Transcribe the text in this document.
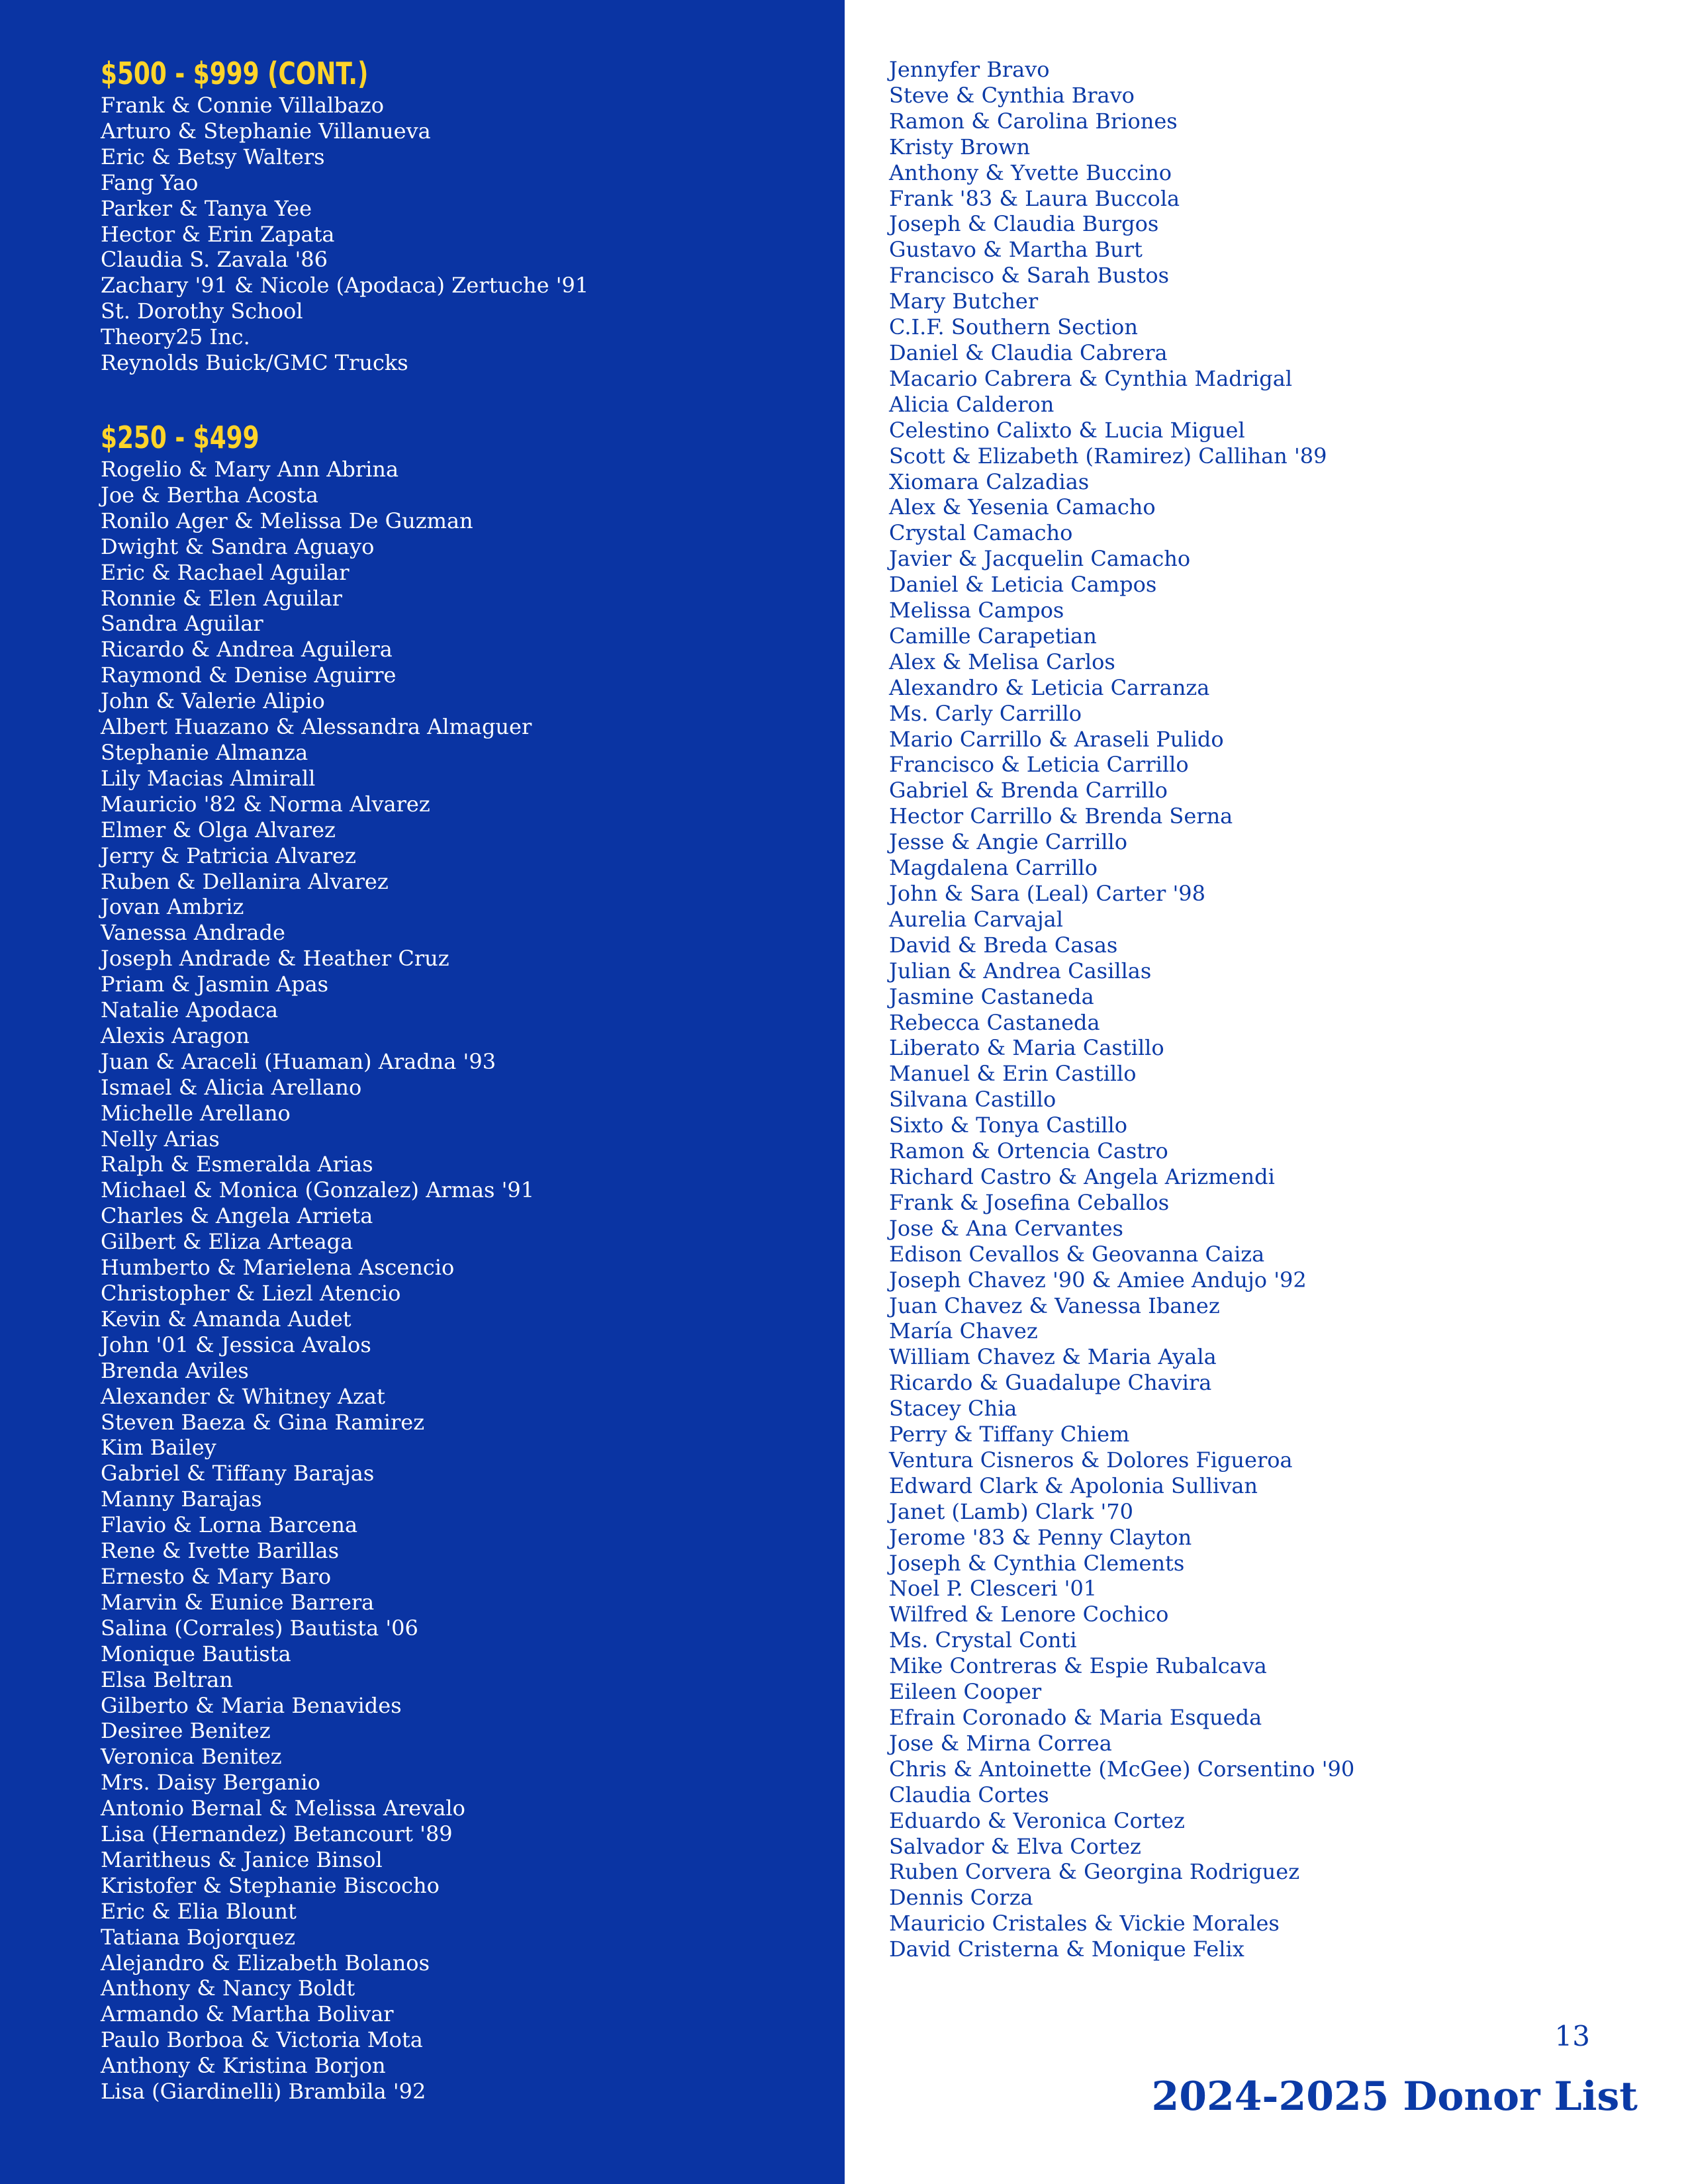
$500 - $999 (CONT.)
Frank & Connie Villalbazo
Arturo & Stephanie Villanueva
Eric & Betsy Walters
Fang Yao
Parker & Tanya Yee
Hector & Erin Zapata
Claudia S. Zavala '86
Zachary '91 & Nicole (Apodaca) Zertuche '91
St. Dorothy School
Theory25 Inc.
Reynolds Buick/GMC Trucks
$250 - $499
Rogelio & Mary Ann Abrina
Joe & Bertha Acosta
Ronilo Ager & Melissa De Guzman
Dwight & Sandra Aguayo
Eric & Rachael Aguilar
Ronnie & Elen Aguilar
Sandra Aguilar
Ricardo & Andrea Aguilera
Raymond & Denise Aguirre
John & Valerie Alipio
Albert Huazano & Alessandra Almaguer
Stephanie Almanza
Lily Macias Almirall
Mauricio '82 & Norma Alvarez
Elmer & Olga Alvarez
Jerry & Patricia Alvarez
Ruben & Dellanira Alvarez
Jovan Ambriz
Vanessa Andrade
Joseph Andrade & Heather Cruz
Priam & Jasmin Apas
Natalie Apodaca
Alexis Aragon
Juan & Araceli (Huaman) Aradna '93
Ismael & Alicia Arellano
Michelle Arellano
Nelly Arias
Ralph & Esmeralda Arias
Michael & Monica (Gonzalez) Armas '91
Charles & Angela Arrieta
Gilbert & Eliza Arteaga
Humberto & Marielena Ascencio
Christopher & Liezl Atencio
Kevin & Amanda Audet
John '01 & Jessica Avalos
Brenda Aviles
Alexander & Whitney Azat
Steven Baeza & Gina Ramirez
Kim Bailey
Gabriel & Tiffany Barajas
Manny Barajas
Flavio & Lorna Barcena
Rene & Ivette Barillas
Ernesto & Mary Baro
Marvin & Eunice Barrera
Salina (Corrales) Bautista '06
Monique Bautista
Elsa Beltran
Gilberto & Maria Benavides
Desiree Benitez
Veronica Benitez
Mrs. Daisy Berganio
Antonio Bernal & Melissa Arevalo
Lisa (Hernandez) Betancourt '89
Maritheus & Janice Binsol
Kristofer & Stephanie Biscocho
Eric & Elia Blount
Tatiana Bojorquez
Alejandro & Elizabeth Bolanos
Anthony & Nancy Boldt
Armando & Martha Bolivar
Paulo Borboa & Victoria Mota
Anthony & Kristina Borjon
Lisa (Giardinelli) Brambila '92
Jennyfer Bravo
Steve & Cynthia Bravo
Ramon & Carolina Briones
Kristy Brown
Anthony & Yvette Buccino
Frank '83 & Laura Buccola
Joseph & Claudia Burgos
Gustavo & Martha Burt
Francisco & Sarah Bustos
Mary Butcher
C.I.F. Southern Section
Daniel & Claudia Cabrera
Macario Cabrera & Cynthia Madrigal
Alicia Calderon
Celestino Calixto & Lucia Miguel
Scott & Elizabeth (Ramirez) Callihan '89
Xiomara Calzadias
Alex & Yesenia Camacho
Crystal Camacho
Javier & Jacquelin Camacho
Daniel & Leticia Campos
Melissa Campos
Camille Carapetian
Alex & Melisa Carlos
Alexandro & Leticia Carranza
Ms. Carly Carrillo
Mario Carrillo & Araseli Pulido
Francisco & Leticia Carrillo
Gabriel & Brenda Carrillo
Hector Carrillo & Brenda Serna
Jesse & Angie Carrillo
Magdalena Carrillo
John & Sara (Leal) Carter '98
Aurelia Carvajal
David & Breda Casas
Julian & Andrea Casillas
Jasmine Castaneda
Rebecca Castaneda
Liberato & Maria Castillo
Manuel & Erin Castillo
Silvana Castillo
Sixto & Tonya Castillo
Ramon & Ortencia Castro
Richard Castro & Angela Arizmendi
Frank & Josefina Ceballos
Jose & Ana Cervantes
Edison Cevallos & Geovanna Caiza
Joseph Chavez '90 & Amiee Andujo '92
Juan Chavez & Vanessa Ibanez
María Chavez
William Chavez & Maria Ayala
Ricardo & Guadalupe Chavira
Stacey Chia
Perry & Tiffany Chiem
Ventura Cisneros & Dolores Figueroa
Edward Clark & Apolonia Sullivan
Janet (Lamb) Clark '70
Jerome '83 & Penny Clayton
Joseph & Cynthia Clements
Noel P. Clesceri '01
Wilfred & Lenore Cochico
Ms. Crystal Conti
Mike Contreras & Espie Rubalcava
Eileen Cooper
Efrain Coronado & Maria Esqueda
Jose & Mirna Correa
Chris & Antoinette (McGee) Corsentino '90
Claudia Cortes
Eduardo & Veronica Cortez
Salvador & Elva Cortez
Ruben Corvera & Georgina Rodriguez
Dennis Corza
Mauricio Cristales & Vickie Morales
David Cristerna & Monique Felix
13
2024-2025 Donor List
